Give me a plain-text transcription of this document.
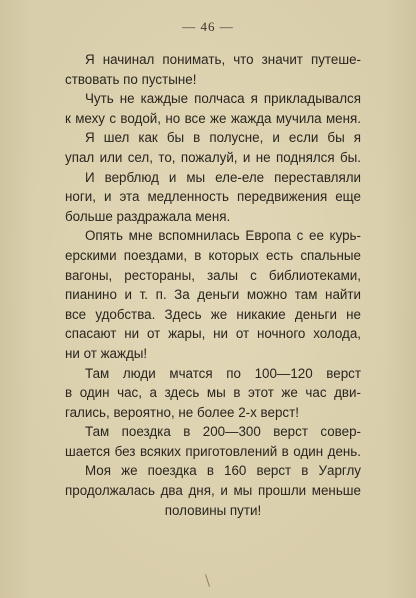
— 46 —

Я начинал понимать, что значит путеше-
ствовать по пустыне!

Чуть не каждые полчаса я прикладывался
к меху с водой, но все же жажда мучила меня.

Я шел как бы в полусне, и если бы я
упал или сел, то, пожалуй, и не поднялся бы.

И верблюд и мы еле-еле переставляли
ноги, и эта медленность передвижения еще
больше раздражала меня.

Опять мне вспомнилась Европа с ее курь-
ерскими поездами, в которых есть спальные
вагоны, рестораны, залы с библиотеками,
пианино и т. п. За деньги можно там найти
все удобства. Здесь же никакие деньги не
спасают ни от жары, ни от ночного холода,
ни от жажды!

Там люди мчатся по 100—120 верст
в один час, а здесь мы в этот же час дви-
гались, вероятно, не более 2-х верст!

Там поездка в 200—300 верст совер-
шается без всяких приготовлений в один день.

Моя же поездка в 160 верст в Уарглу
продолжалась два дня, и мы прошли меньше
половины пути!
